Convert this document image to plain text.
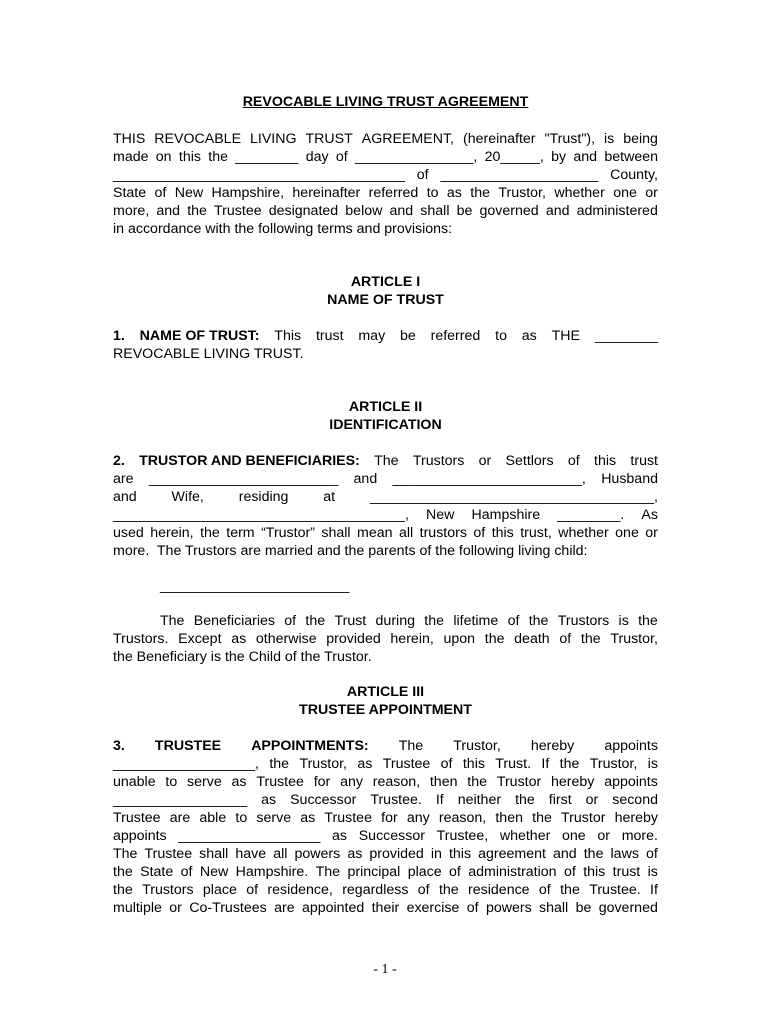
REVOCABLE LIVING TRUST AGREEMENT
THIS REVOCABLE LIVING TRUST AGREEMENT, (hereinafter "Trust"), is being
made on this the ________ day of _______________, 20_____, by and between
_____________________________________ of ____________________ County,
State of New Hampshire, hereinafter referred to as the Trustor, whether one or
more, and the Trustee designated below and shall be governed and administered
in accordance with the following terms and provisions:
ARTICLE I
NAME OF TRUST
1. NAME OF TRUST: This trust may be referred to as THE ________
REVOCABLE LIVING TRUST.
ARTICLE II
IDENTIFICATION
2. TRUSTOR AND BENEFICIARIES: The Trustors or Settlors of this trust
are ________________________ and ________________________, Husband
and Wife, residing at ____________________________________,
_____________________________________, New Hampshire ________. As
used herein, the term “Trustor” shall mean all trustors of this trust, whether one or
more.  The Trustors are married and the parents of the following living child:
________________________
The Beneficiaries of the Trust during the lifetime of the Trustors is the
Trustors. Except as otherwise provided herein, upon the death of the Trustor,
the Beneficiary is the Child of the Trustor.
ARTICLE III
TRUSTEE APPOINTMENT
3. TRUSTEE APPOINTMENTS: The Trustor, hereby appoints
__________________, the Trustor, as Trustee of this Trust. If the Trustor, is
unable to serve as Trustee for any reason, then the Trustor hereby appoints
_________________ as Successor Trustee. If neither the first or second
Trustee are able to serve as Trustee for any reason, then the Trustor hereby
appoints __________________ as Successor Trustee, whether one or more.
The Trustee shall have all powers as provided in this agreement and the laws of
the State of New Hampshire. The principal place of administration of this trust is
the Trustors place of residence, regardless of the residence of the Trustee. If
multiple or Co-Trustees are appointed their exercise of powers shall be governed
- 1 -
